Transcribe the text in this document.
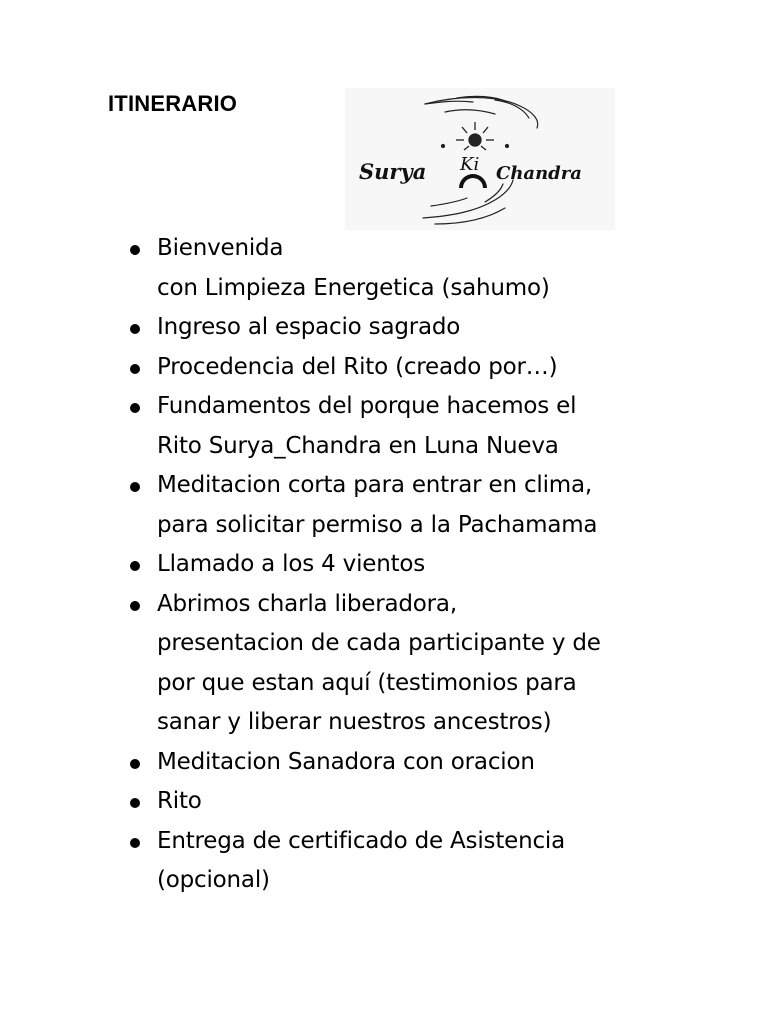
ITINERARIO
Surya Ki Chandra
Bienvenida
con Limpieza Energetica (sahumo)
Ingreso al espacio sagrado
Procedencia del Rito (creado por…)
Fundamentos del porque hacemos el
Rito Surya_Chandra en Luna Nueva
Meditacion corta para entrar en clima,
para solicitar permiso a la Pachamama
Llamado a los 4 vientos
Abrimos charla liberadora,
presentacion de cada participante y de
por que estan aquí (testimonios para
sanar y liberar nuestros ancestros)
Meditacion Sanadora con oracion
Rito
Entrega de certificado de Asistencia
(opcional)
